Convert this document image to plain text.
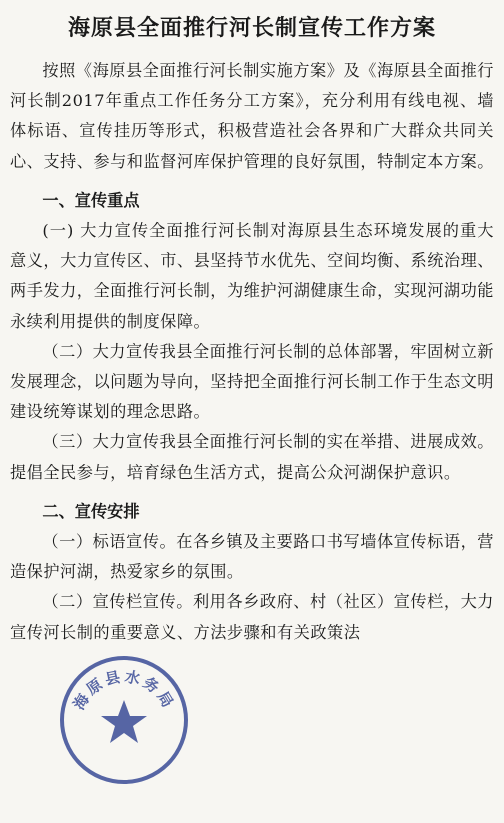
海原县全面推行河长制宣传工作方案

按照《海原县全面推行河长制实施方案》及《海原县全面推行河长制2017年重点工作任务分工方案》，充分利用有线电视、墙体标语、宣传挂历等形式，积极营造社会各界和广大群众共同关心、支持、参与和监督河库保护管理的良好氛围，特制定本方案。

一、宣传重点

(一) 大力宣传全面推行河长制对海原县生态环境发展的重大意义，大力宣传区、市、县坚持节水优先、空间均衡、系统治理、两手发力，全面推行河长制，为维护河湖健康生命，实现河湖功能永续利用提供的制度保障。

（二）大力宣传我县全面推行河长制的总体部署，牢固树立新发展理念，以问题为导向，坚持把全面推行河长制工作于生态文明建设统筹谋划的理念思路。

（三）大力宣传我县全面推行河长制的实在举措、进展成效。提倡全民参与，培育绿色生活方式，提高公众河湖保护意识。

二、宣传安排

（一）标语宣传。在各乡镇及主要路口书写墙体宣传标语，营造保护河湖，热爱家乡的氛围。

（二）宣传栏宣传。利用各乡政府、村（社区）宣传栏，大力宣传河长制的重要意义、方法步骤和有关政策法

海原县水务局
